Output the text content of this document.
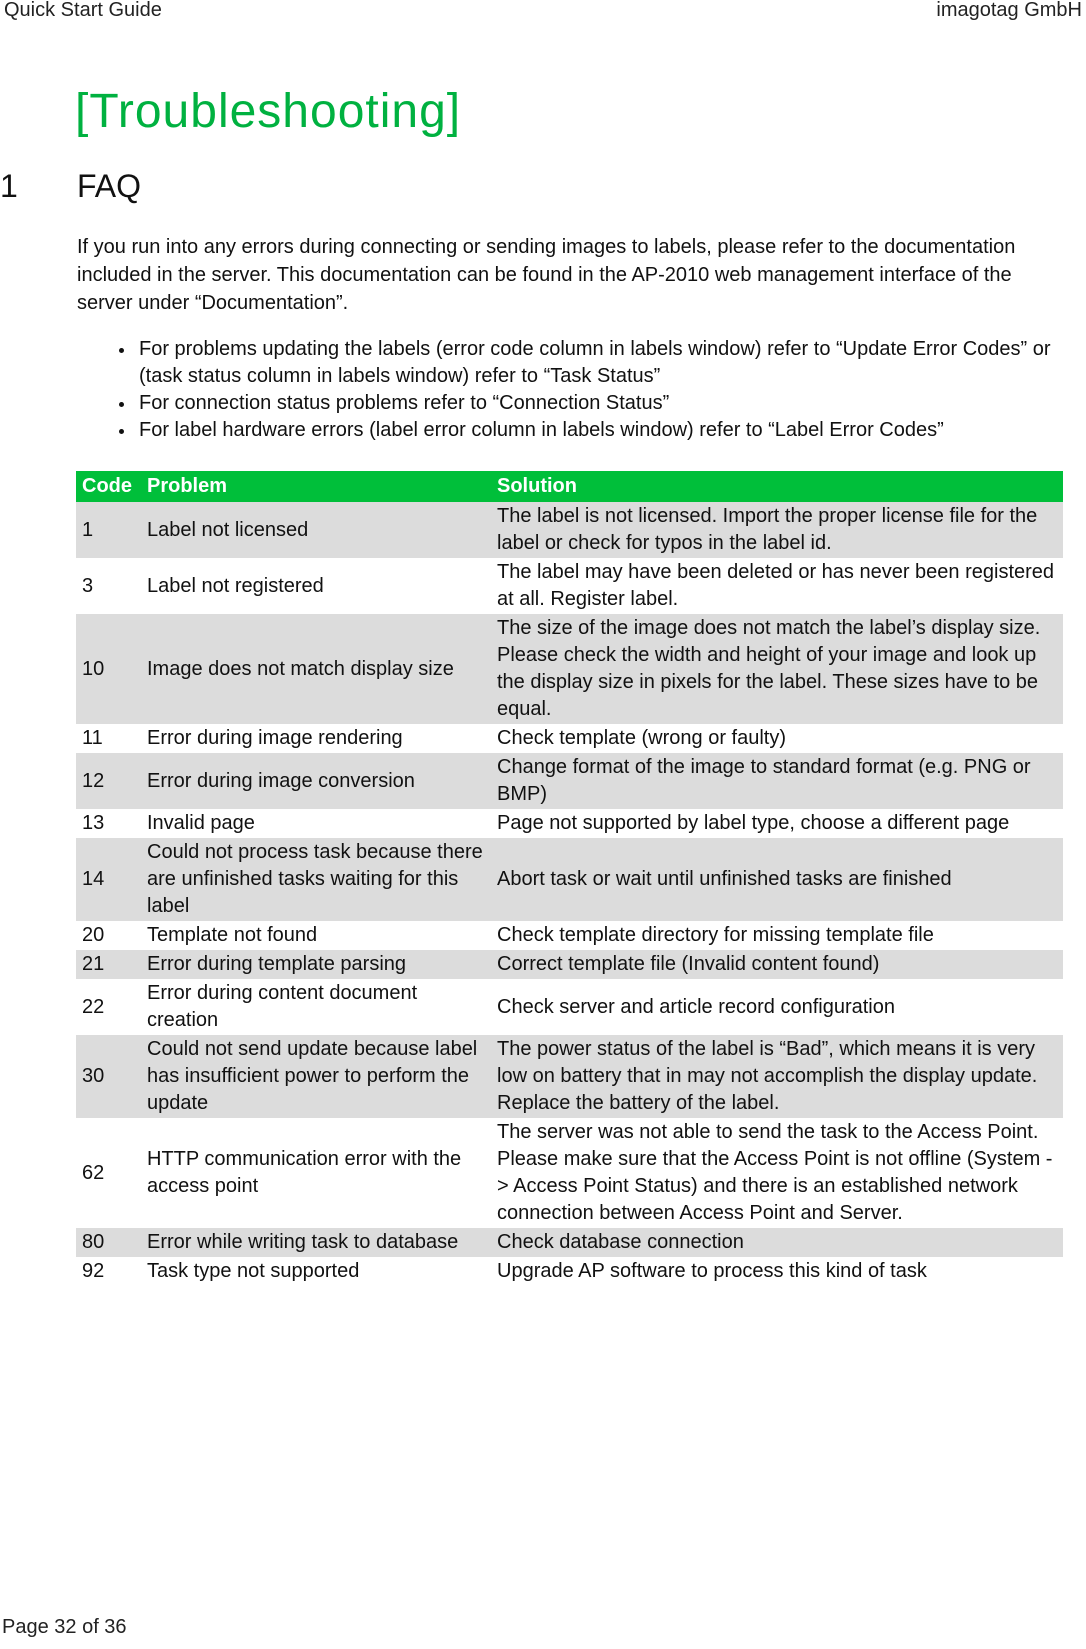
Quick Start Guide	imagotag GmbH
[Troubleshooting]
1 FAQ

If you run into any errors during connecting or sending images to labels, please refer to the documentation included in the server. This documentation can be found in the AP-2010 web management interface of the server under “Documentation”.

For problems updating the labels (error code column in labels window) refer to “Update Error Codes” or (task status column in labels window) refer to “Task Status”
For connection status problems refer to “Connection Status”
For label hardware errors (label error column in labels window) refer to “Label Error Codes”
Code	Problem	Solution
1	Label not licensed	The label is not licensed. Import the proper license file for the label or check for typos in the label id.
3	Label not registered	The label may have been deleted or has never been registered at all. Register label.
10	Image does not match display size	The size of the image does not match the label’s display size. Please check the width and height of your image and look up the display size in pixels for the label. These sizes have to be equal.
11	Error during image rendering	Check template (wrong or faulty)
12	Error during image conversion	Change format of the image to standard format (e.g. PNG or BMP)
13	Invalid page	Page not supported by label type, choose a different page
14	Could not process task because there are unfinished tasks waiting for this label	Abort task or wait until unfinished tasks are finished
20	Template not found	Check template directory for missing template file
21	Error during template parsing	Correct template file (Invalid content found)
22	Error during content document creation	Check server and article record configuration
30	Could not send update because label has insufficient power to perform the update	The power status of the label is “Bad”, which means it is very low on battery that in may not accomplish the display update. Replace the battery of the label.
62	HTTP communication error with the access point	The server was not able to send the task to the Access Point. Please make sure that the Access Point is not offline (System -> Access Point Status) and there is an established network connection between Access Point and Server.
80	Error while writing task to database	Check database connection
92	Task type not supported	Upgrade AP software to process this kind of task
Page 32 of 36
